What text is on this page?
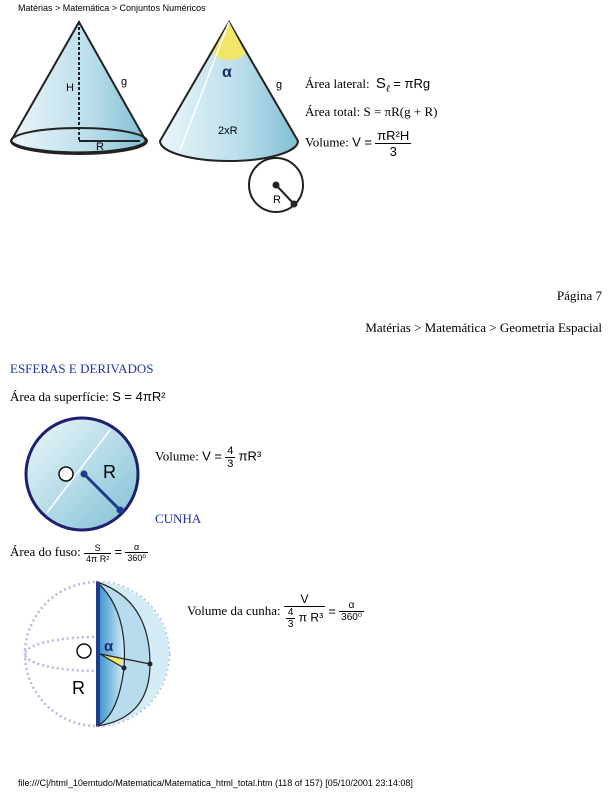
Matérias > Matemática > Conjuntos Numéricos
H	g
R
α
g
2xR
R
Área lateral: $S_\ell = \pi Rg$
Área total: S = πR(g + R)
Volume: $V = \frac{\text{πR²H}}{3}$
Página 7
Matérias > Matemática > Geometria Espacial
ESFERAS E DERIVADOS
Área da superfície: S = 4πR²
R
Volume: $V = \frac{4}{3} \pi R^3$
CUNHA
Área do fuso: $\frac{S}{\text{4π R²}} = \frac{\alpha}{\text{360⁰}}$
α
R
Volume da cunha: $\frac{V}{\frac{4}{3} \pi R^3} = \frac{\alpha}{\text{360⁰}}$
file:///C|/html_10emtudo/Matematica/Matematica_html_total.htm (118 of 157) [05/10/2001 23:14:08]
